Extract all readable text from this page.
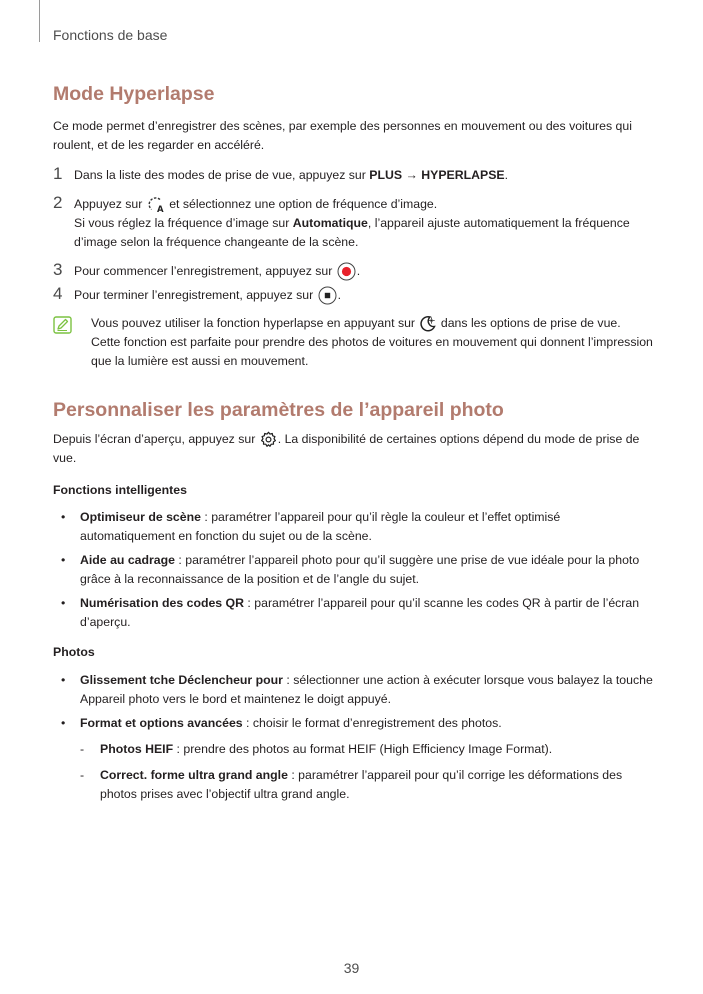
Fonctions de base
Mode Hyperlapse

Ce mode permet d’enregistrer des scènes, par exemple des personnes en mouvement ou des voitures qui roulent, et de les regarder en accéléré.

1 Dans la liste des modes de prise de vue, appuyez sur PLUS → HYPERLAPSE.

2 Appuyez sur A et sélectionnez une option de fréquence d’image.

Si vous réglez la fréquence d’image sur Automatique, l’appareil ajuste automatiquement la fréquence d’image selon la fréquence changeante de la scène.

3 Pour commencer l’enregistrement, appuyez sur
.

4 Pour terminer l’enregistrement, appuyez sur
.

Vous pouvez utiliser la fonction hyperlapse en appuyant sur
dans les options de prise de vue. Cette fonction est parfaite pour prendre des photos de voitures en mouvement qui donnent l’impression que la lumière est aussi en mouvement.
Personnaliser les paramètres de l’appareil photo

Depuis l’écran d’aperçu, appuyez sur
. La disponibilité de certaines options dépend du mode de prise de vue.

Fonctions intelligentes
• Optimiseur de scène : paramétrer l’appareil pour qu’il règle la couleur et l’effet optimisé automatiquement en fonction du sujet ou de la scène.
• Aide au cadrage : paramétrer l’appareil photo pour qu’il suggère une prise de vue idéale pour la photo grâce à la reconnaissance de la position et de l’angle du sujet.
• Numérisation des codes QR : paramétrer l’appareil pour qu’il scanne les codes QR à partir de l’écran d’aperçu.
Photos
• Glissement tche Déclencheur pour : sélectionner une action à exécuter lorsque vous balayez la touche Appareil photo vers le bord et maintenez le doigt appuyé.
• Format et options avancées : choisir le format d’enregistrement des photos.
- Photos HEIF : prendre des photos au format HEIF (High Efficiency Image Format).
- Correct. forme ultra grand angle : paramétrer l’appareil pour qu’il corrige les déformations des photos prises avec l’objectif ultra grand angle.
39
